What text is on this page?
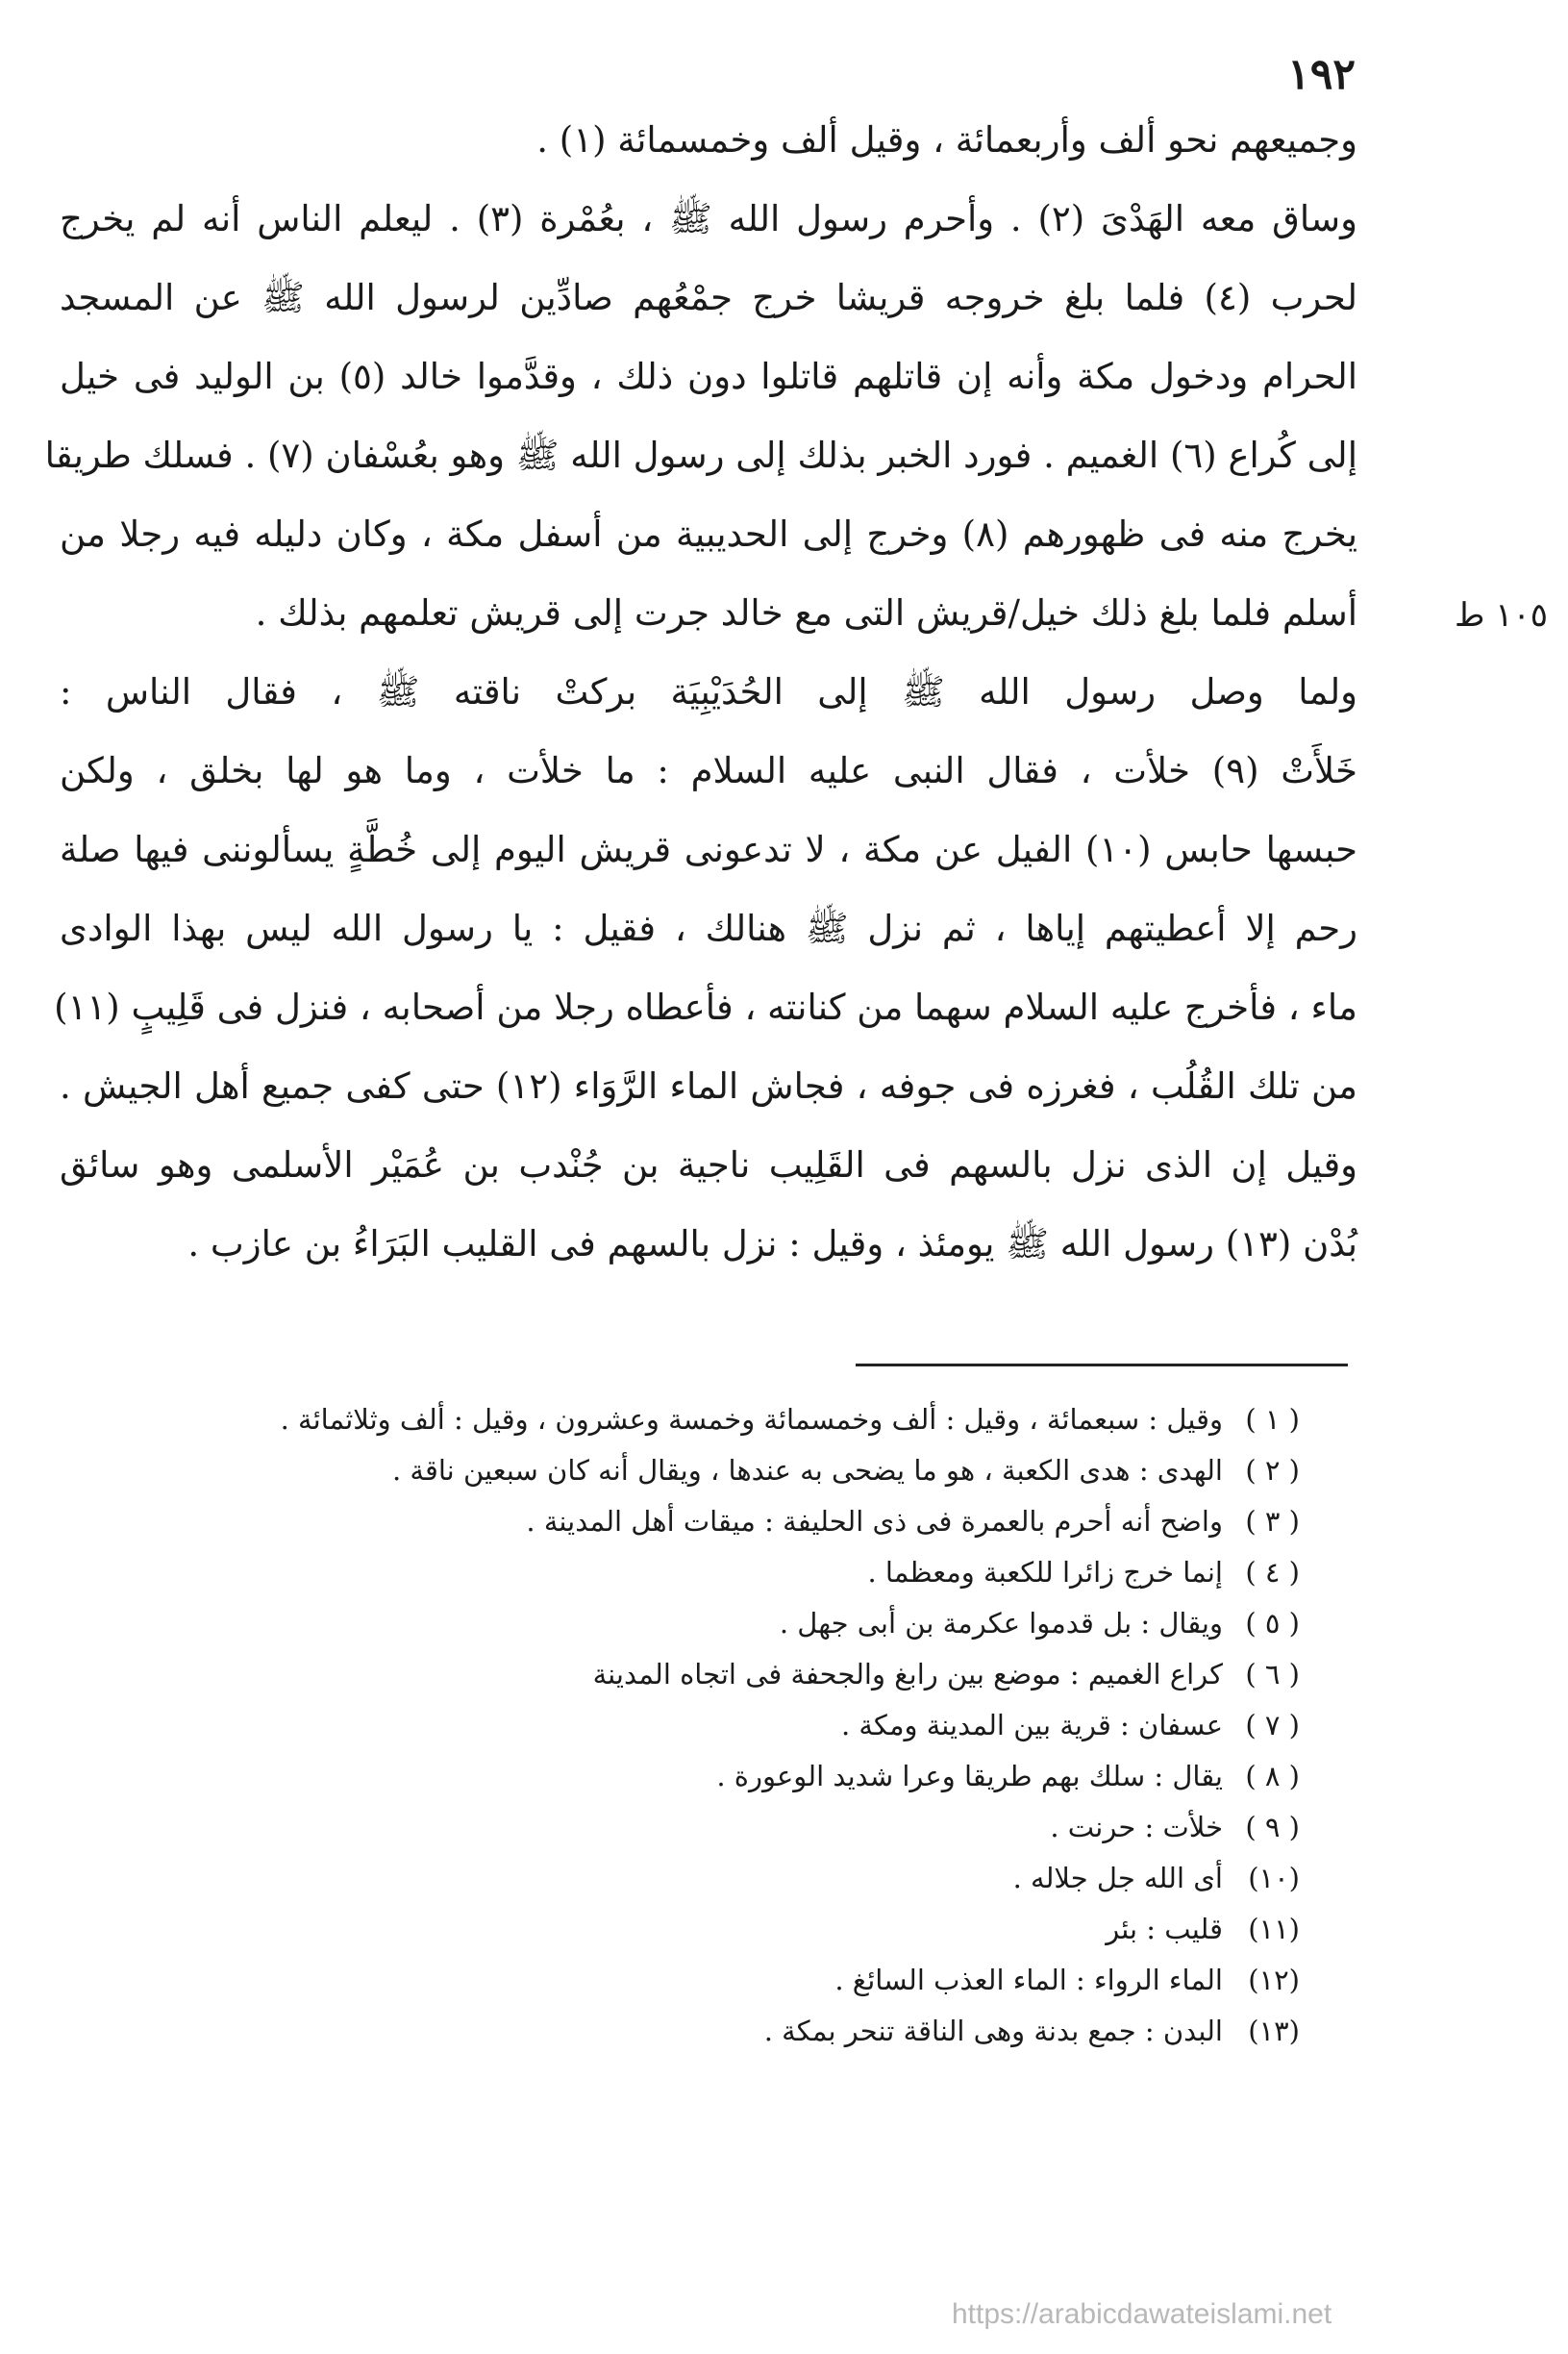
١٩٢
١٠٥ ط
وجميعهم نحو ألف وأربعمائة ، وقيل ألف وخمسمائة (١) .
وساق معه الهَدْىَ (٢) . وأحرم رسول الله ﷺ ، بعُمْرة (٣) . ليعلم الناس أنه لم يخرج
لحرب (٤) فلما بلغ خروجه قريشا خرج جمْعُهم صادِّين لرسول الله ﷺ عن المسجد
الحرام ودخول مكة وأنه إن قاتلهم قاتلوا دون ذلك ، وقدَّموا خالد (٥) بن الوليد فى خيل
إلى كُراع (٦) الغميم . فورد الخبر بذلك إلى رسول الله ﷺ وهو بعُسْفان (٧) . فسلك طريقا
يخرج منه فى ظهورهم (٨) وخرج إلى الحديبية من أسفل مكة ، وكان دليله فيه رجلا من
أسلم فلما بلغ ذلك خيل/قريش التى مع خالد جرت إلى قريش تعلمهم بذلك .
ولما وصل رسول الله ﷺ إلى الحُدَيْبِيَة بركتْ ناقته ﷺ ، فقال الناس :
خَلأَتْ (٩) خلأت ، فقال النبى عليه السلام : ما خلأت ، وما هو لها بخلق ، ولكن
حبسها حابس (١٠) الفيل عن مكة ، لا تدعونى قريش اليوم إلى خُطَّةٍ يسألوننى فيها صلة
رحم إلا أعطيتهم إياها ، ثم نزل ﷺ هنالك ، فقيل : يا رسول الله ليس بهذا الوادى
ماء ، فأخرج عليه السلام سهما من كنانته ، فأعطاه رجلا من أصحابه ، فنزل فى قَلِيبٍ (١١)
من تلك القُلُب ، فغرزه فى جوفه ، فجاش الماء الرَّوَاء (١٢) حتى كفى جميع أهل الجيش .
وقيل إن الذى نزل بالسهم فى القَلِيب ناجية بن جُنْدب بن عُمَيْر الأسلمى وهو سائق
بُدْن (١٣) رسول الله ﷺ يومئذ ، وقيل : نزل بالسهم فى القليب البَرَاءُ بن عازب .
( ١ )وقيل : سبعمائة ، وقيل : ألف وخمسمائة وخمسة وعشرون ، وقيل : ألف وثلاثمائة .
( ٢ )الهدى : هدى الكعبة ، هو ما يضحى به عندها ، ويقال أنه كان سبعين ناقة .
( ٣ )واضح أنه أحرم بالعمرة فى ذى الحليفة : ميقات أهل المدينة .
( ٤ )إنما خرج زائرا للكعبة ومعظما .
( ٥ )ويقال : بل قدموا عكرمة بن أبى جهل .
( ٦ )كراع الغميم : موضع بين رابغ والجحفة فى اتجاه المدينة
( ٧ )عسفان : قرية بين المدينة ومكة .
( ٨ )يقال : سلك بهم طريقا وعرا شديد الوعورة .
( ٩ )خلأت : حرنت .
(١٠)أى الله جل جلاله .
(١١)قليب : بئر
(١٢)الماء الرواء : الماء العذب السائغ .
(١٣)البدن : جمع بدنة وهى الناقة تنحر بمكة .
https://arabicdawateislami.net
